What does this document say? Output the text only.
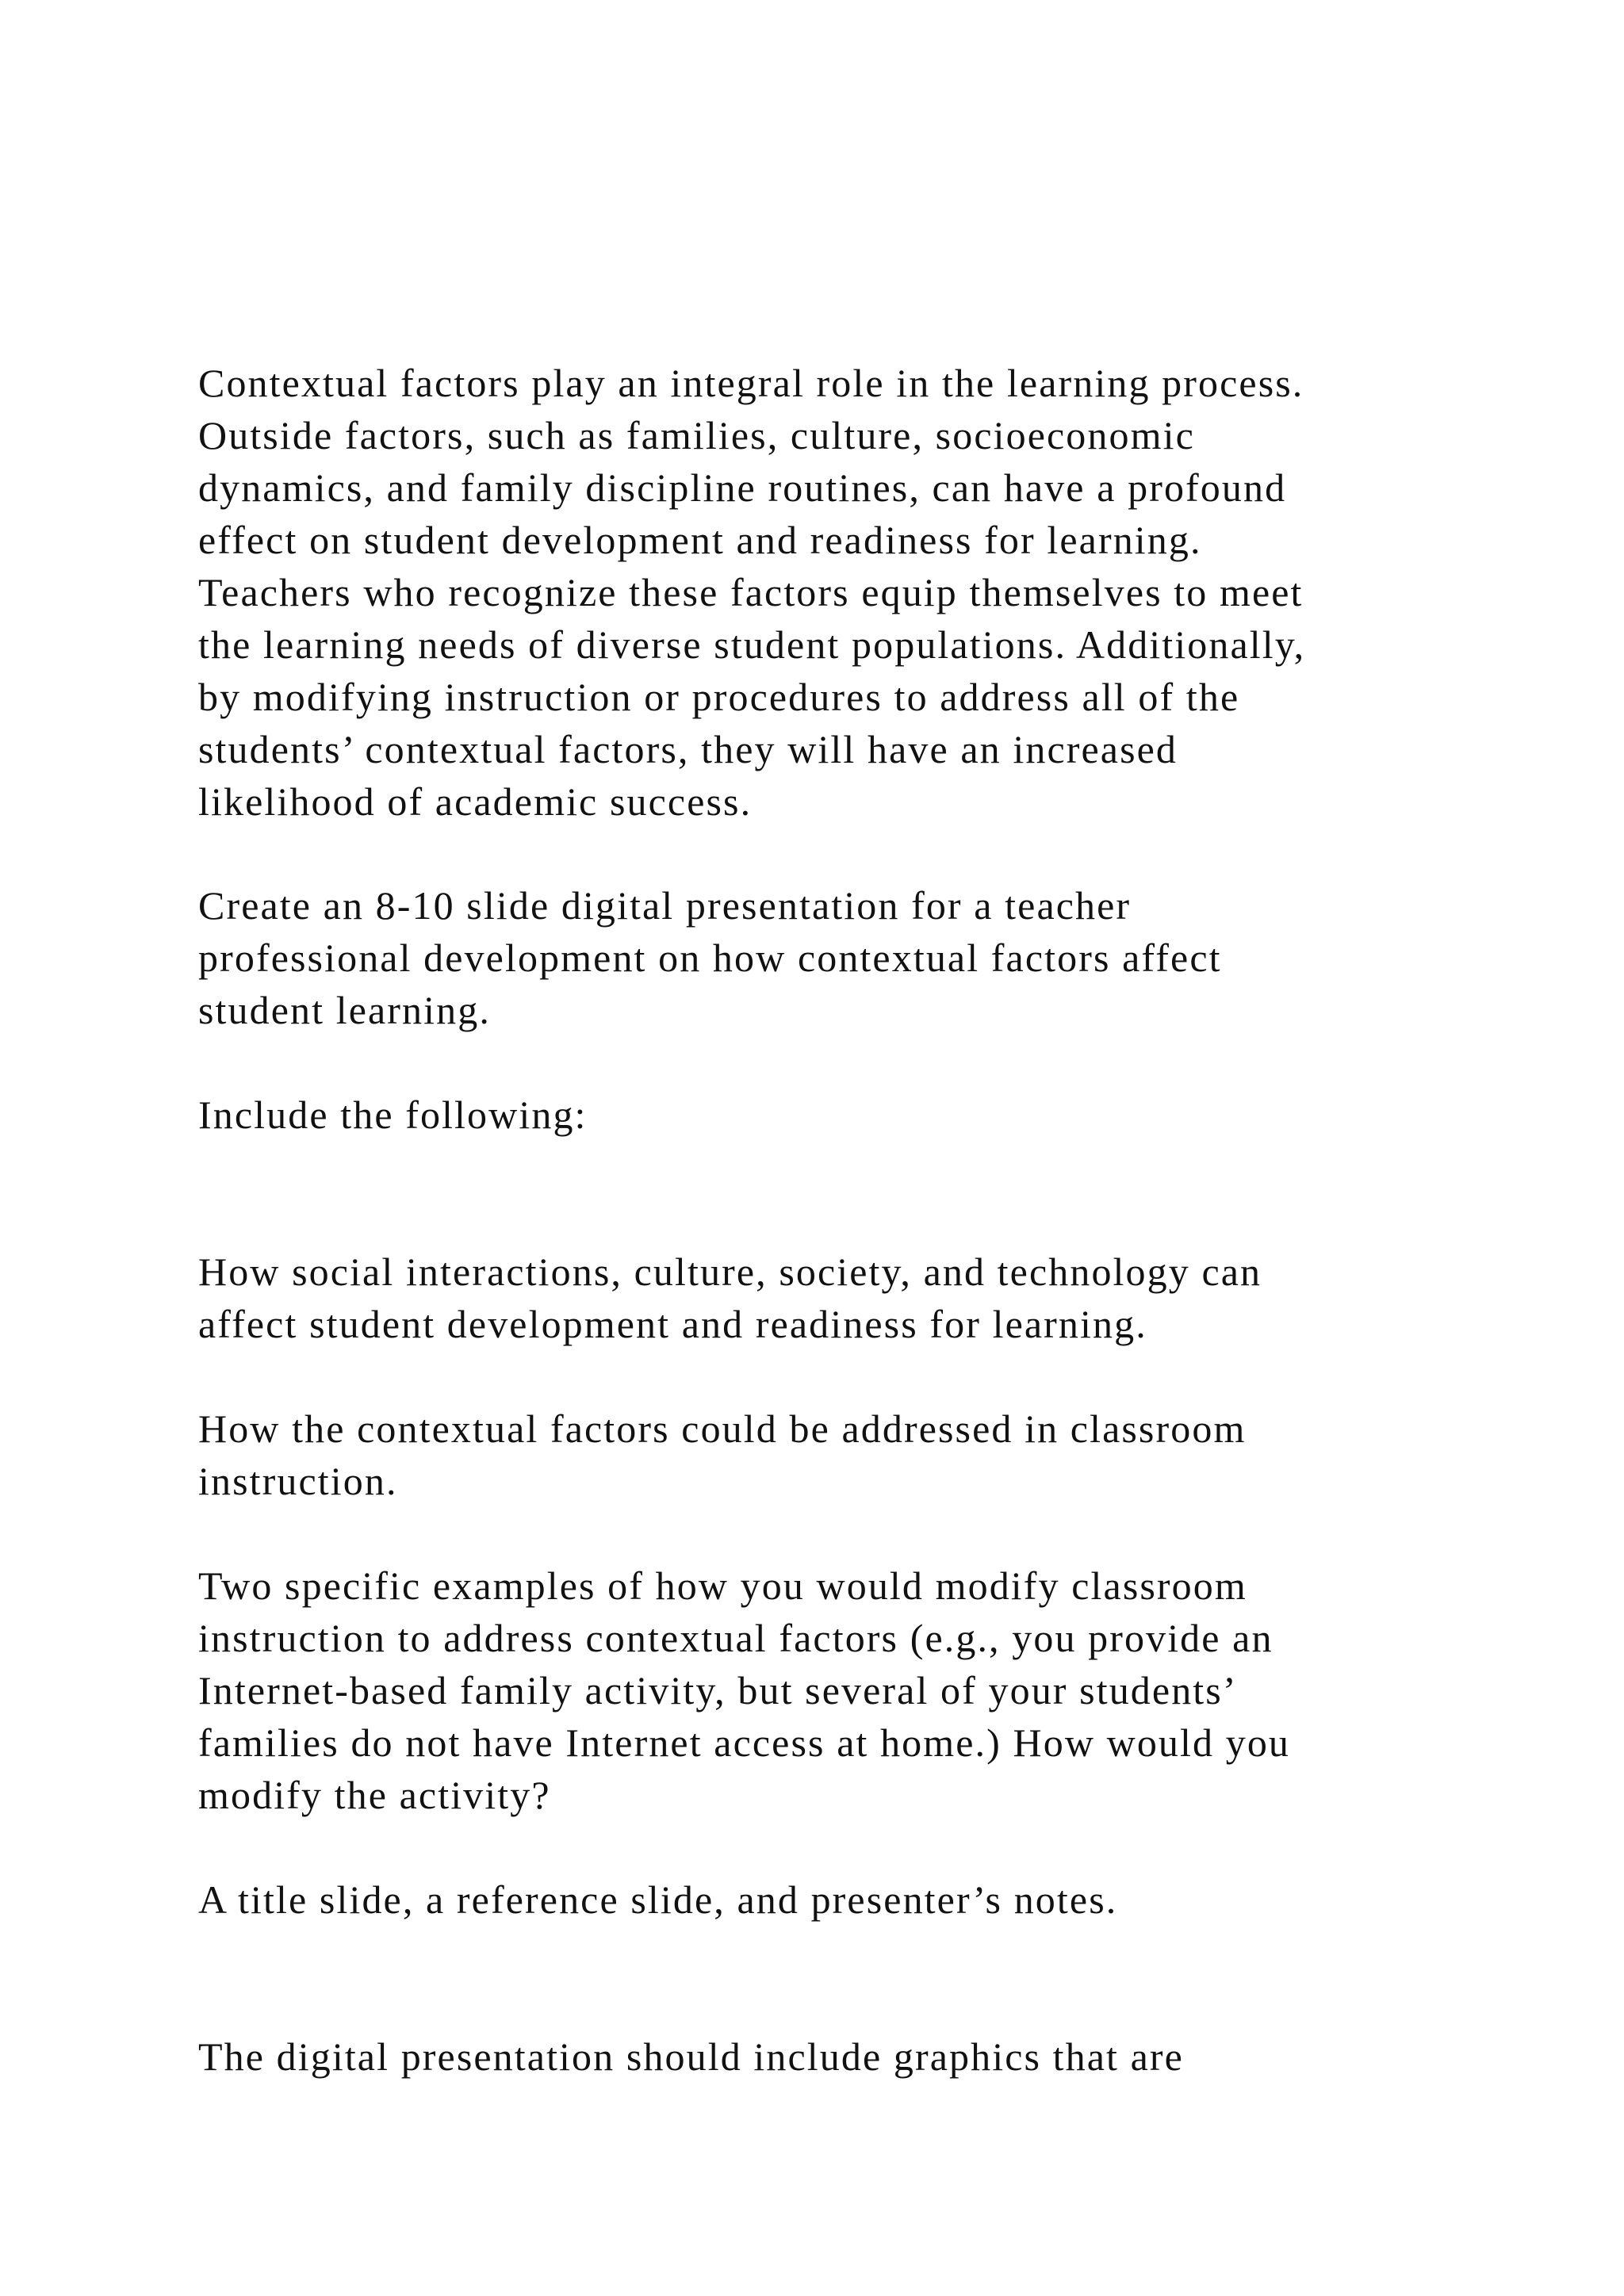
Contextual factors play an integral role in the learning process.
Outside factors, such as families, culture, socioeconomic
dynamics, and family discipline routines, can have a profound
effect on student development and readiness for learning.
Teachers who recognize these factors equip themselves to meet
the learning needs of diverse student populations. Additionally,
by modifying instruction or procedures to address all of the
students’ contextual factors, they will have an increased
likelihood of academic success.

Create an 8-10 slide digital presentation for a teacher
professional development on how contextual factors affect
student learning.

Include the following:

How social interactions, culture, society, and technology can
affect student development and readiness for learning.

How the contextual factors could be addressed in classroom
instruction.

Two specific examples of how you would modify classroom
instruction to address contextual factors (e.g., you provide an
Internet-based family activity, but several of your students’
families do not have Internet access at home.) How would you
modify the activity?

A title slide, a reference slide, and presenter’s notes.

The digital presentation should include graphics that are
